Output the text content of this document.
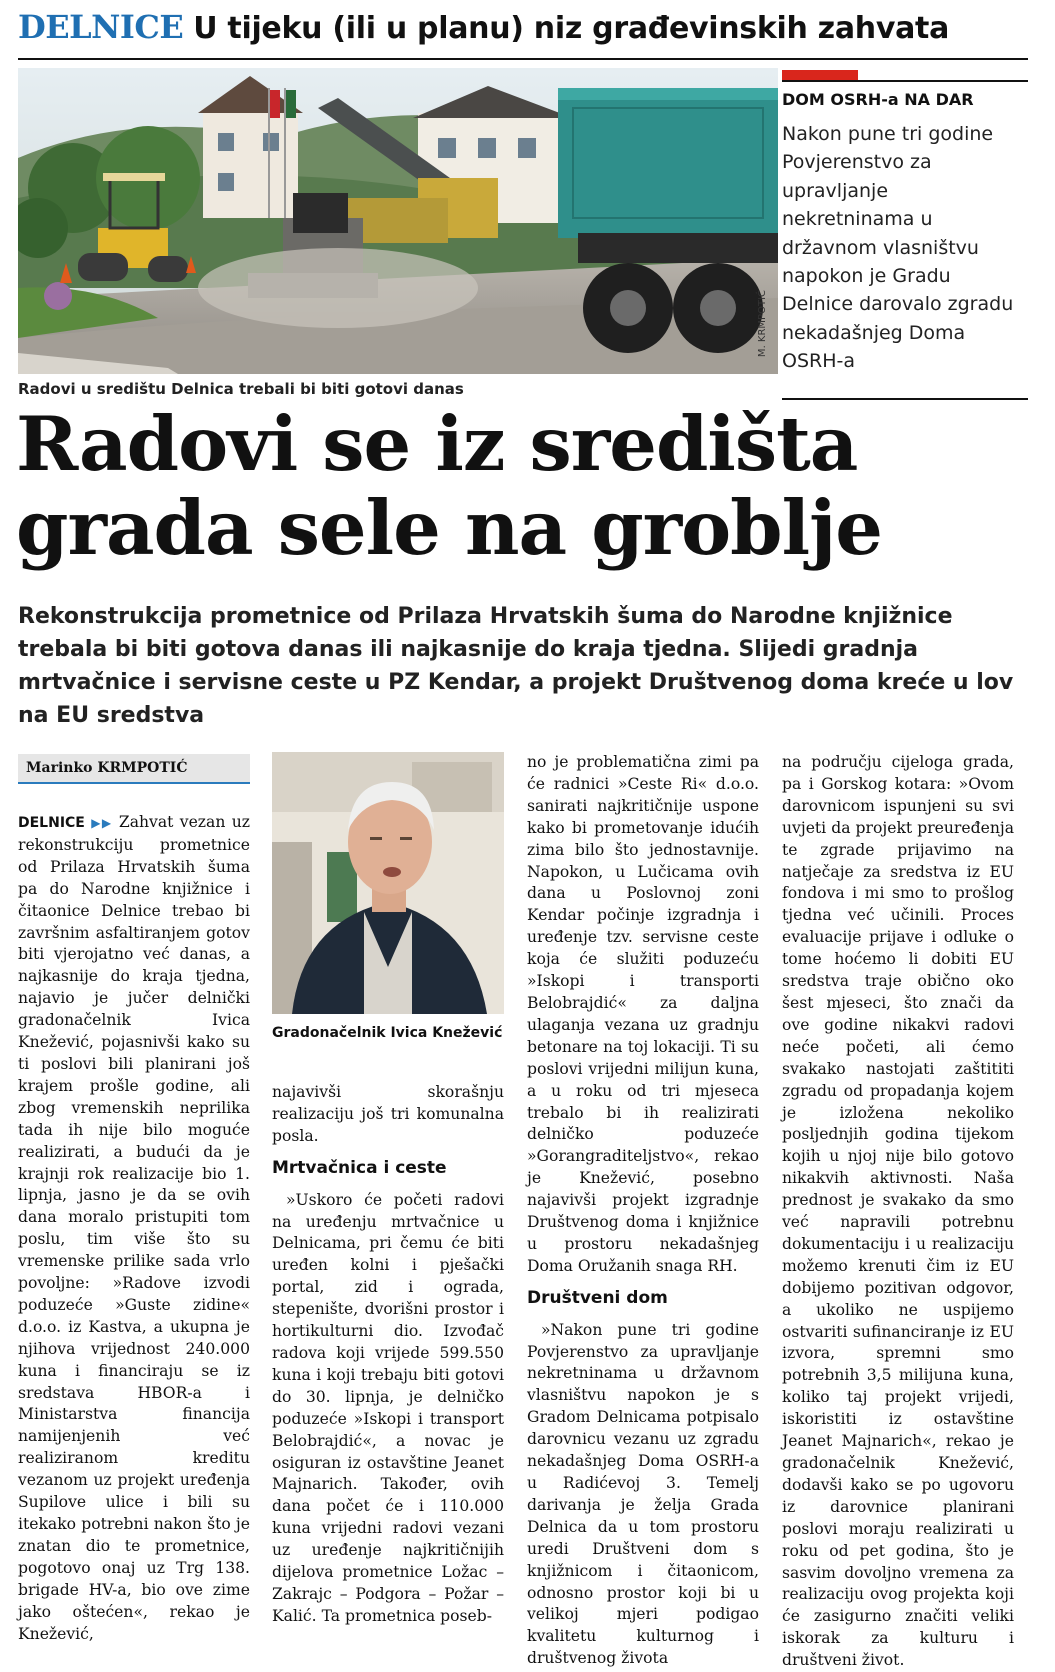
DELNICE U tijeku (ili u planu) niz građevinskih zahvata
M. KRMPOTIĆ
Radovi u središtu Delnica trebali bi biti gotovi danas
DOM OSRH-a NA DAR
Nakon pune tri godine Povjerenstvo za upravljanje nekretninama u državnom vlasništvu napokon je Gradu Delnice darovalo zgradu nekadašnjeg Doma OSRH-a
Radovi se iz središta
grada sele na groblje
Rekonstrukcija prometnice od Prilaza Hrvatskih šuma do Narodne knjižnice trebala bi biti gotova danas ili najkasnije do kraja tjedna. Slijedi gradnja mrtvačnice i servisne ceste u PZ Kendar, a projekt Društvenog doma kreće u lov na EU sredstva
Marinko KRMPOTIĆ

DELNICE ▶▶ Zahvat vezan uz rekonstrukciju prometnice od Prilaza Hrvatskih šuma pa do Narodne knjižnice i čitaonice Delnice trebao bi završnim asfaltiranjem gotov biti vjerojatno već danas, a najkasnije do kraja tjedna, najavio je jučer delnički gradonačelnik Ivica Knežević, pojasnivši kako su ti poslovi bili planirani još krajem prošle godine, ali zbog vremenskih neprilika tada ih nije bilo moguće realizirati, a budući da je krajnji rok realizacije bio 1. lipnja, jasno je da se ovih dana moralo pristupiti tom poslu, tim više što su vremenske prilike sada vrlo povoljne: »Radove izvodi poduzeće »Guste zidine« d.o.o. iz Kastva, a ukupna je njihova vrijednost 240.000 kuna i financiraju se iz sredstava HBOR-a i Ministarstva financija namijenjenih već realiziranom kreditu vezanom uz projekt uređenja Supilove ulice i bili su itekako potrebni nakon što je znatan dio te prometnice, pogotovo onaj uz Trg 138. brigade HV-a, bio ove zime jako oštećen«, rekao je Knežević,

Gradonačelnik Ivica Knežević

najavivši skorašnju realizaciju još tri komunalna posla.

Mrtvačnica i ceste

»Uskoro će početi radovi na uređenju mrtvačnice u Delnicama, pri čemu će biti uređen kolni i pješački portal, zid i ograda, stepenište, dvorišni prostor i hortikulturni dio. Izvođač radova koji vrijede 599.550 kuna i koji trebaju biti gotovi do 30. lipnja, je delničko poduzeće »Iskopi i transport Belobrajdić«, a novac je osiguran iz ostavštine Jeanet Majnarich. Također, ovih dana počet će i 110.000 kuna vrijedni radovi vezani uz uređenje najkritičnijih dijelova prometnice Ložac – Zakrajc – Podgora – Požar – Kalić. Ta prometnica poseb-

no je problematična zimi pa će radnici »Ceste Ri« d.o.o. sanirati najkritičnije uspone kako bi prometovanje idućih zima bilo što jednostavnije. Napokon, u Lučicama ovih dana u Poslovnoj zoni Kendar počinje izgradnja i uređenje tzv. servisne ceste koja će služiti poduzeću »Iskopi i transporti Belobrajdić« za daljna ulaganja vezana uz gradnju betonare na toj lokaciji. Ti su poslovi vrijedni milijun kuna, a u roku od tri mjeseca trebalo bi ih realizirati delničko poduzeće »Gorangraditeljstvo«, rekao je Knežević, posebno najavivši projekt izgradnje Društvenog doma i knjižnice u prostoru nekadašnjeg Doma Oružanih snaga RH.

Društveni dom

»Nakon pune tri godine Povjerenstvo za upravljanje nekretninama u državnom vlasništvu napokon je s Gradom Delnicama potpisalo darovnicu vezanu uz zgradu nekadašnjeg Doma OSRH-a u Radićevoj 3. Temelj darivanja je želja Grada Delnica da u tom prostoru uredi Društveni dom s knjižnicom i čitaonicom, odnosno prostor koji bi u velikoj mjeri podigao kvalitetu kulturnog i društvenog života

na području cijeloga grada, pa i Gorskog kotara: »Ovom darovnicom ispunjeni su svi uvjeti da projekt preuređenja te zgrade prijavimo na natječaje za sredstva iz EU fondova i mi smo to prošlog tjedna već učinili. Proces evaluacije prijave i odluke o tome hoćemo li dobiti EU sredstva traje obično oko šest mjeseci, što znači da ove godine nikakvi radovi neće početi, ali ćemo svakako nastojati zaštititi zgradu od propadanja kojem je izložena nekoliko posljednjih godina tijekom kojih u njoj nije bilo gotovo nikakvih aktivnosti. Naša prednost je svakako da smo već napravili potrebnu dokumentaciju i u realizaciju možemo krenuti čim iz EU dobijemo pozitivan odgovor, a ukoliko ne uspijemo ostvariti sufinanciranje iz EU izvora, spremni smo potrebnih 3,5 milijuna kuna, koliko taj projekt vrijedi, iskoristiti iz ostavštine Jeanet Majnarich«, rekao je gradonačelnik Knežević, dodavši kako se po ugovoru iz darovnice planirani poslovi moraju realizirati u roku od pet godina, što je sasvim dovoljno vremena za realizaciju ovog projekta koji će zasigurno značiti veliki iskorak za kulturu i društveni život.
